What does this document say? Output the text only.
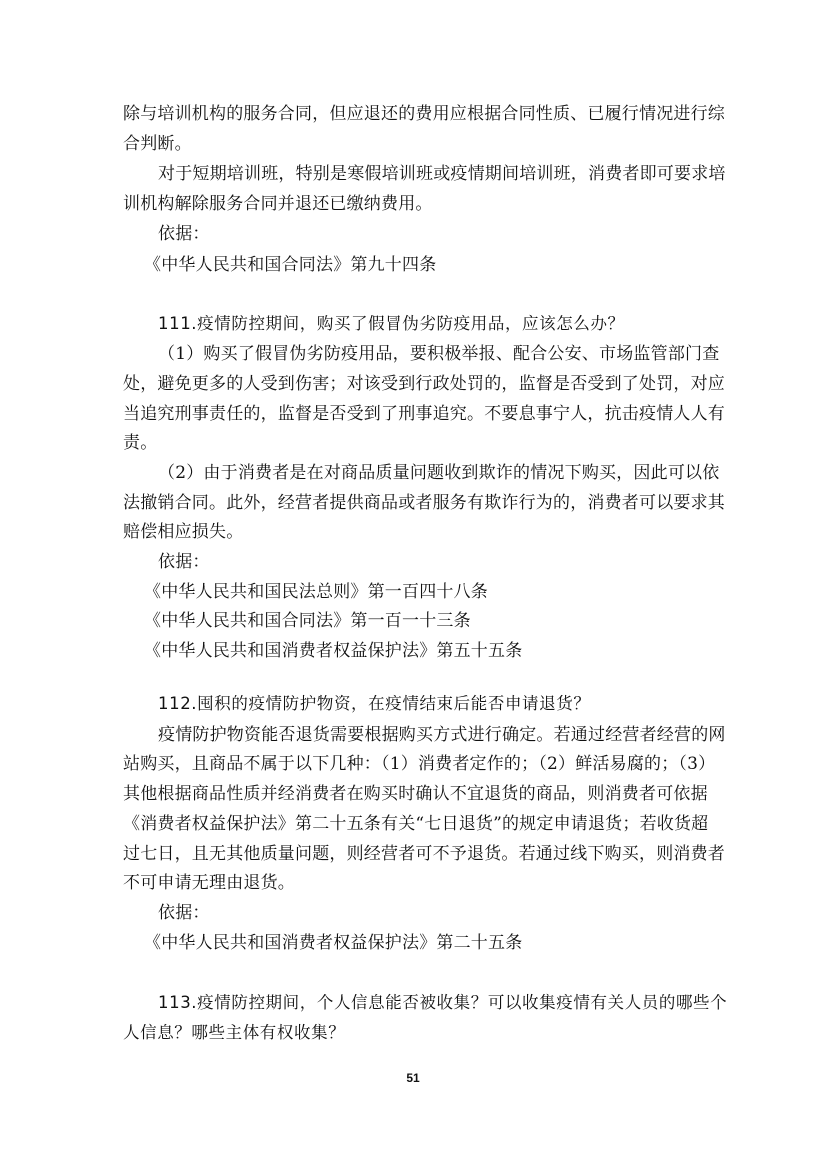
除与培训机构的服务合同，但应退还的费用应根据合同性质、已履行情况进行综
合判断。
对于短期培训班，特别是寒假培训班或疫情期间培训班，消费者即可要求培
训机构解除服务合同并退还已缴纳费用。
依据：
《中华人民共和国合同法》第九十四条
111.疫情防控期间，购买了假冒伪劣防疫用品，应该怎么办？
（1）购买了假冒伪劣防疫用品，要积极举报、配合公安、市场监管部门查
处，避免更多的人受到伤害；对该受到行政处罚的，监督是否受到了处罚，对应
当追究刑事责任的，监督是否受到了刑事追究。不要息事宁人，抗击疫情人人有
责。
（2）由于消费者是在对商品质量问题收到欺诈的情况下购买，因此可以依
法撤销合同。此外，经营者提供商品或者服务有欺诈行为的，消费者可以要求其
赔偿相应损失。
依据：
《中华人民共和国民法总则》第一百四十八条
《中华人民共和国合同法》第一百一十三条
《中华人民共和国消费者权益保护法》第五十五条
112.囤积的疫情防护物资，在疫情结束后能否申请退货？
疫情防护物资能否退货需要根据购买方式进行确定。若通过经营者经营的网
站购买，且商品不属于以下几种：（1）消费者定作的；（2）鲜活易腐的；（3）
其他根据商品性质并经消费者在购买时确认不宜退货的商品，则消费者可依据
《消费者权益保护法》第二十五条有关“七日退货”的规定申请退货；若收货超
过七日，且无其他质量问题，则经营者可不予退货。若通过线下购买，则消费者
不可申请无理由退货。
依据：
《中华人民共和国消费者权益保护法》第二十五条
113.疫情防控期间，个人信息能否被收集？可以收集疫情有关人员的哪些个
人信息？哪些主体有权收集？
51
